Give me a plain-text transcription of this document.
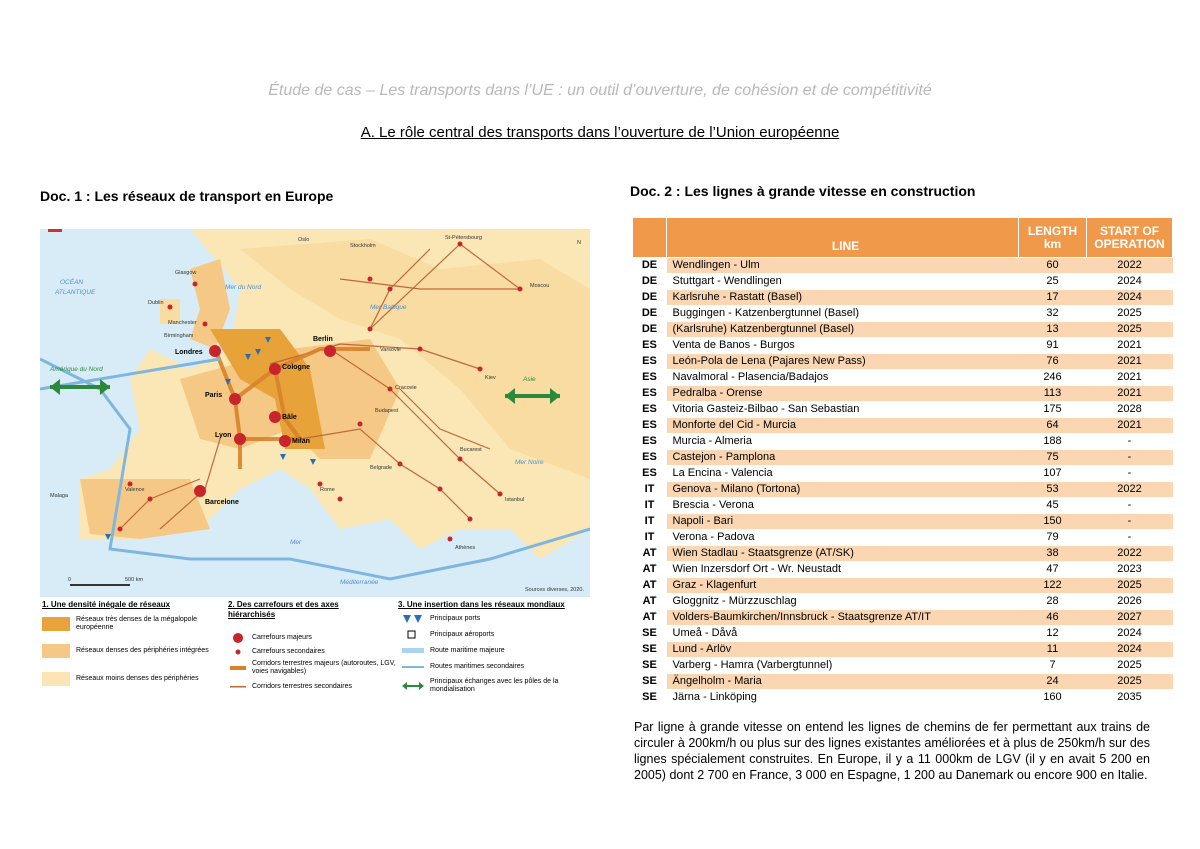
Étude de cas – Les transports dans l’UE : un outil d’ouverture, de cohésion et de compétitivité
A. Le rôle central des transports dans l’ouverture de l’Union européenne
Doc. 1 : Les réseaux de transport en Europe	Doc. 2 : Les lignes à grande vitesse en construction
OCÉAN
ATLANTIQUE
Mer du Nord
Mer Baltique
Mer Noire
Mer
Méditerranée
Londres
Paris
Lyon
Bâle
Milan
Cologne
Berlin
Barcelone
Glasgow
Dublin
Manchester
Birmingham
Varsovie
Cracovie
Budapest
Bucarest
Belgrade
Athènes
Istanbul
Rome
Valence
Malaga
St-Pétersbourg
Moscou
Kiev
Oslo
Stockholm
Amérique du Nord
Asie
0	500 km
Sources diverses, 2020.
N
1. Une densité inégale de réseaux
Réseaux très denses de la mégalopole européenne
Réseaux denses des périphéries intégrées
Réseaux moins denses des périphéries
2. Des carrefours et des axes hiérarchisés
Carrefours majeurs
Carrefours secondaires
Corridors terrestres majeurs (autoroutes, LGV, voies navigables)
Corridors terrestres secondaires
3. Une insertion dans les réseaux mondiaux
Principaux ports
Principaux aéroports
Route maritime majeure
Routes maritimes secondaires
Principaux échanges avec les pôles de la mondialisation
	LINE	LENGTH km	START OF OPERATION
DE	Wendlingen - Ulm	60	2022
DE	Stuttgart - Wendlingen	25	2024
DE	Karlsruhe - Rastatt (Basel)	17	2024
DE	Buggingen - Katzenbergtunnel (Basel)	32	2025
DE	(Karlsruhe) Katzenbergtunnel (Basel)	13	2025
ES	Venta de Banos - Burgos	91	2021
ES	León-Pola de Lena (Pajares New Pass)	76	2021
ES	Navalmoral - Plasencia/Badajos	246	2021
ES	Pedralba - Orense	113	2021
ES	Vitoria Gasteiz-Bilbao - San Sebastian	175	2028
ES	Monforte del Cid - Murcia	64	2021
ES	Murcia - Almeria	188	-
ES	Castejon - Pamplona	75	-
ES	La Encina - Valencia	107	-
IT	Genova - Milano (Tortona)	53	2022
IT	Brescia - Verona	45	-
IT	Napoli - Bari	150	-
IT	Verona - Padova	79	-
AT	Wien Stadlau - Staatsgrenze (AT/SK)	38	2022
AT	Wien Inzersdorf Ort - Wr. Neustadt	47	2023
AT	Graz - Klagenfurt	122	2025
AT	Gloggnitz - Mürzzuschlag	28	2026
AT	Volders-Baumkirchen/Innsbruck - Staatsgrenze AT/IT	46	2027
SE	Umeå - Dåvå	12	2024
SE	Lund - Arlöv	11	2024
SE	Varberg - Hamra (Varbergtunnel)	7	2025
SE	Ängelholm - Maria	24	2025
SE	Järna - Linköping	160	2035
Par ligne à grande vitesse on entend les lignes de chemins de fer permettant aux trains de circuler à 200km/h ou plus sur des lignes existantes améliorées et à plus de 250km/h sur des lignes spécialement construites. En Europe, il y a 11 000km de LGV (il y en avait 5 200 en 2005) dont 2 700 en France, 3 000 en Espagne, 1 200 au Danemark ou encore 900 en Italie.
